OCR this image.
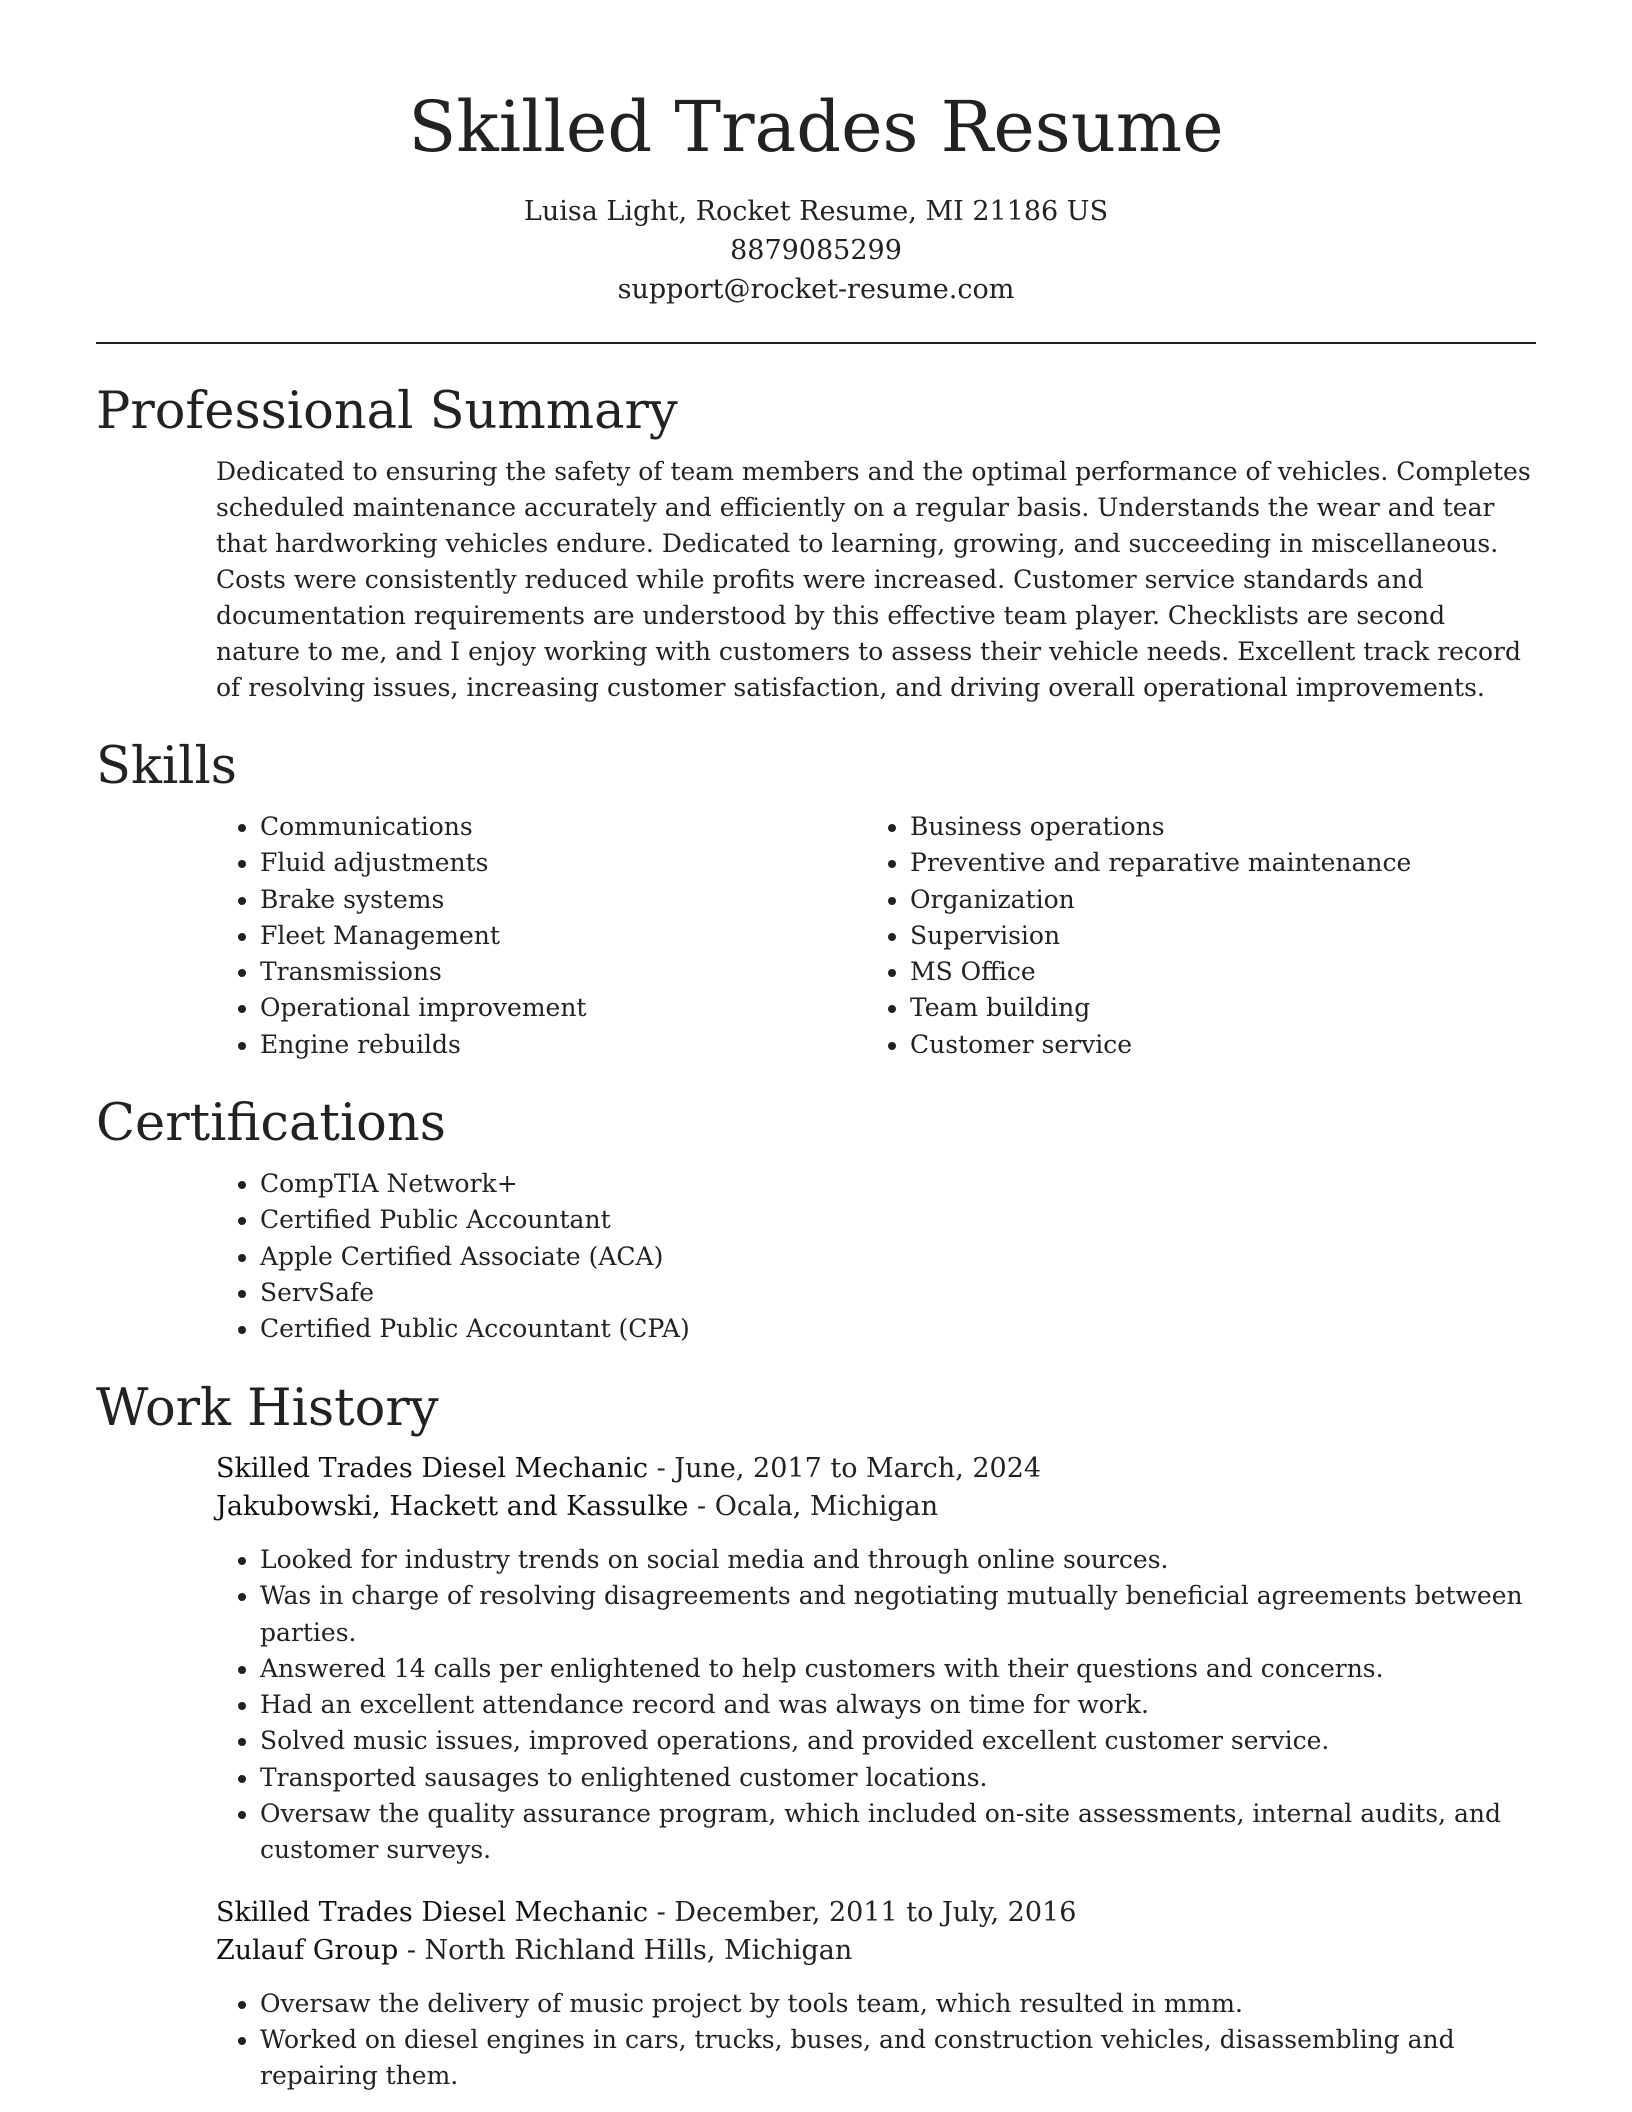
Skilled Trades Resume
Luisa Light, Rocket Resume, MI 21186 US
8879085299
support@rocket-resume.com
Professional Summary

Dedicated to ensuring the safety of team members and the optimal performance of vehicles. Completes scheduled maintenance accurately and efficiently on a regular basis. Understands the wear and tear that hardworking vehicles endure. Dedicated to learning, growing, and succeeding in miscellaneous. Costs were consistently reduced while profits were increased. Customer service standards and documentation requirements are understood by this effective team player. Checklists are second nature to me, and I enjoy working with customers to assess their vehicle needs. Excellent track record of resolving issues, increasing customer satisfaction, and driving overall operational improvements.

Skills
• Communications
• Fluid adjustments
• Brake systems
• Fleet Management
• Transmissions
• Operational improvement
• Engine rebuilds
• Business operations
• Preventive and reparative maintenance
• Organization
• Supervision
• MS Office
• Team building
• Customer service
Certifications
• CompTIA Network+
• Certified Public Accountant
• Apple Certified Associate (ACA)
• ServSafe
• Certified Public Accountant (CPA)
Work History
Skilled Trades Diesel Mechanic - June, 2017 to March, 2024
Jakubowski, Hackett and Kassulke - Ocala, Michigan
• Looked for industry trends on social media and through online sources.
• Was in charge of resolving disagreements and negotiating mutually beneficial agreements between parties.
• Answered 14 calls per enlightened to help customers with their questions and concerns.
• Had an excellent attendance record and was always on time for work.
• Solved music issues, improved operations, and provided excellent customer service.
• Transported sausages to enlightened customer locations.
• Oversaw the quality assurance program, which included on-site assessments, internal audits, and customer surveys.
Skilled Trades Diesel Mechanic - December, 2011 to July, 2016
Zulauf Group - North Richland Hills, Michigan
• Oversaw the delivery of music project by tools team, which resulted in mmm.
• Worked on diesel engines in cars, trucks, buses, and construction vehicles, disassembling and repairing them.
